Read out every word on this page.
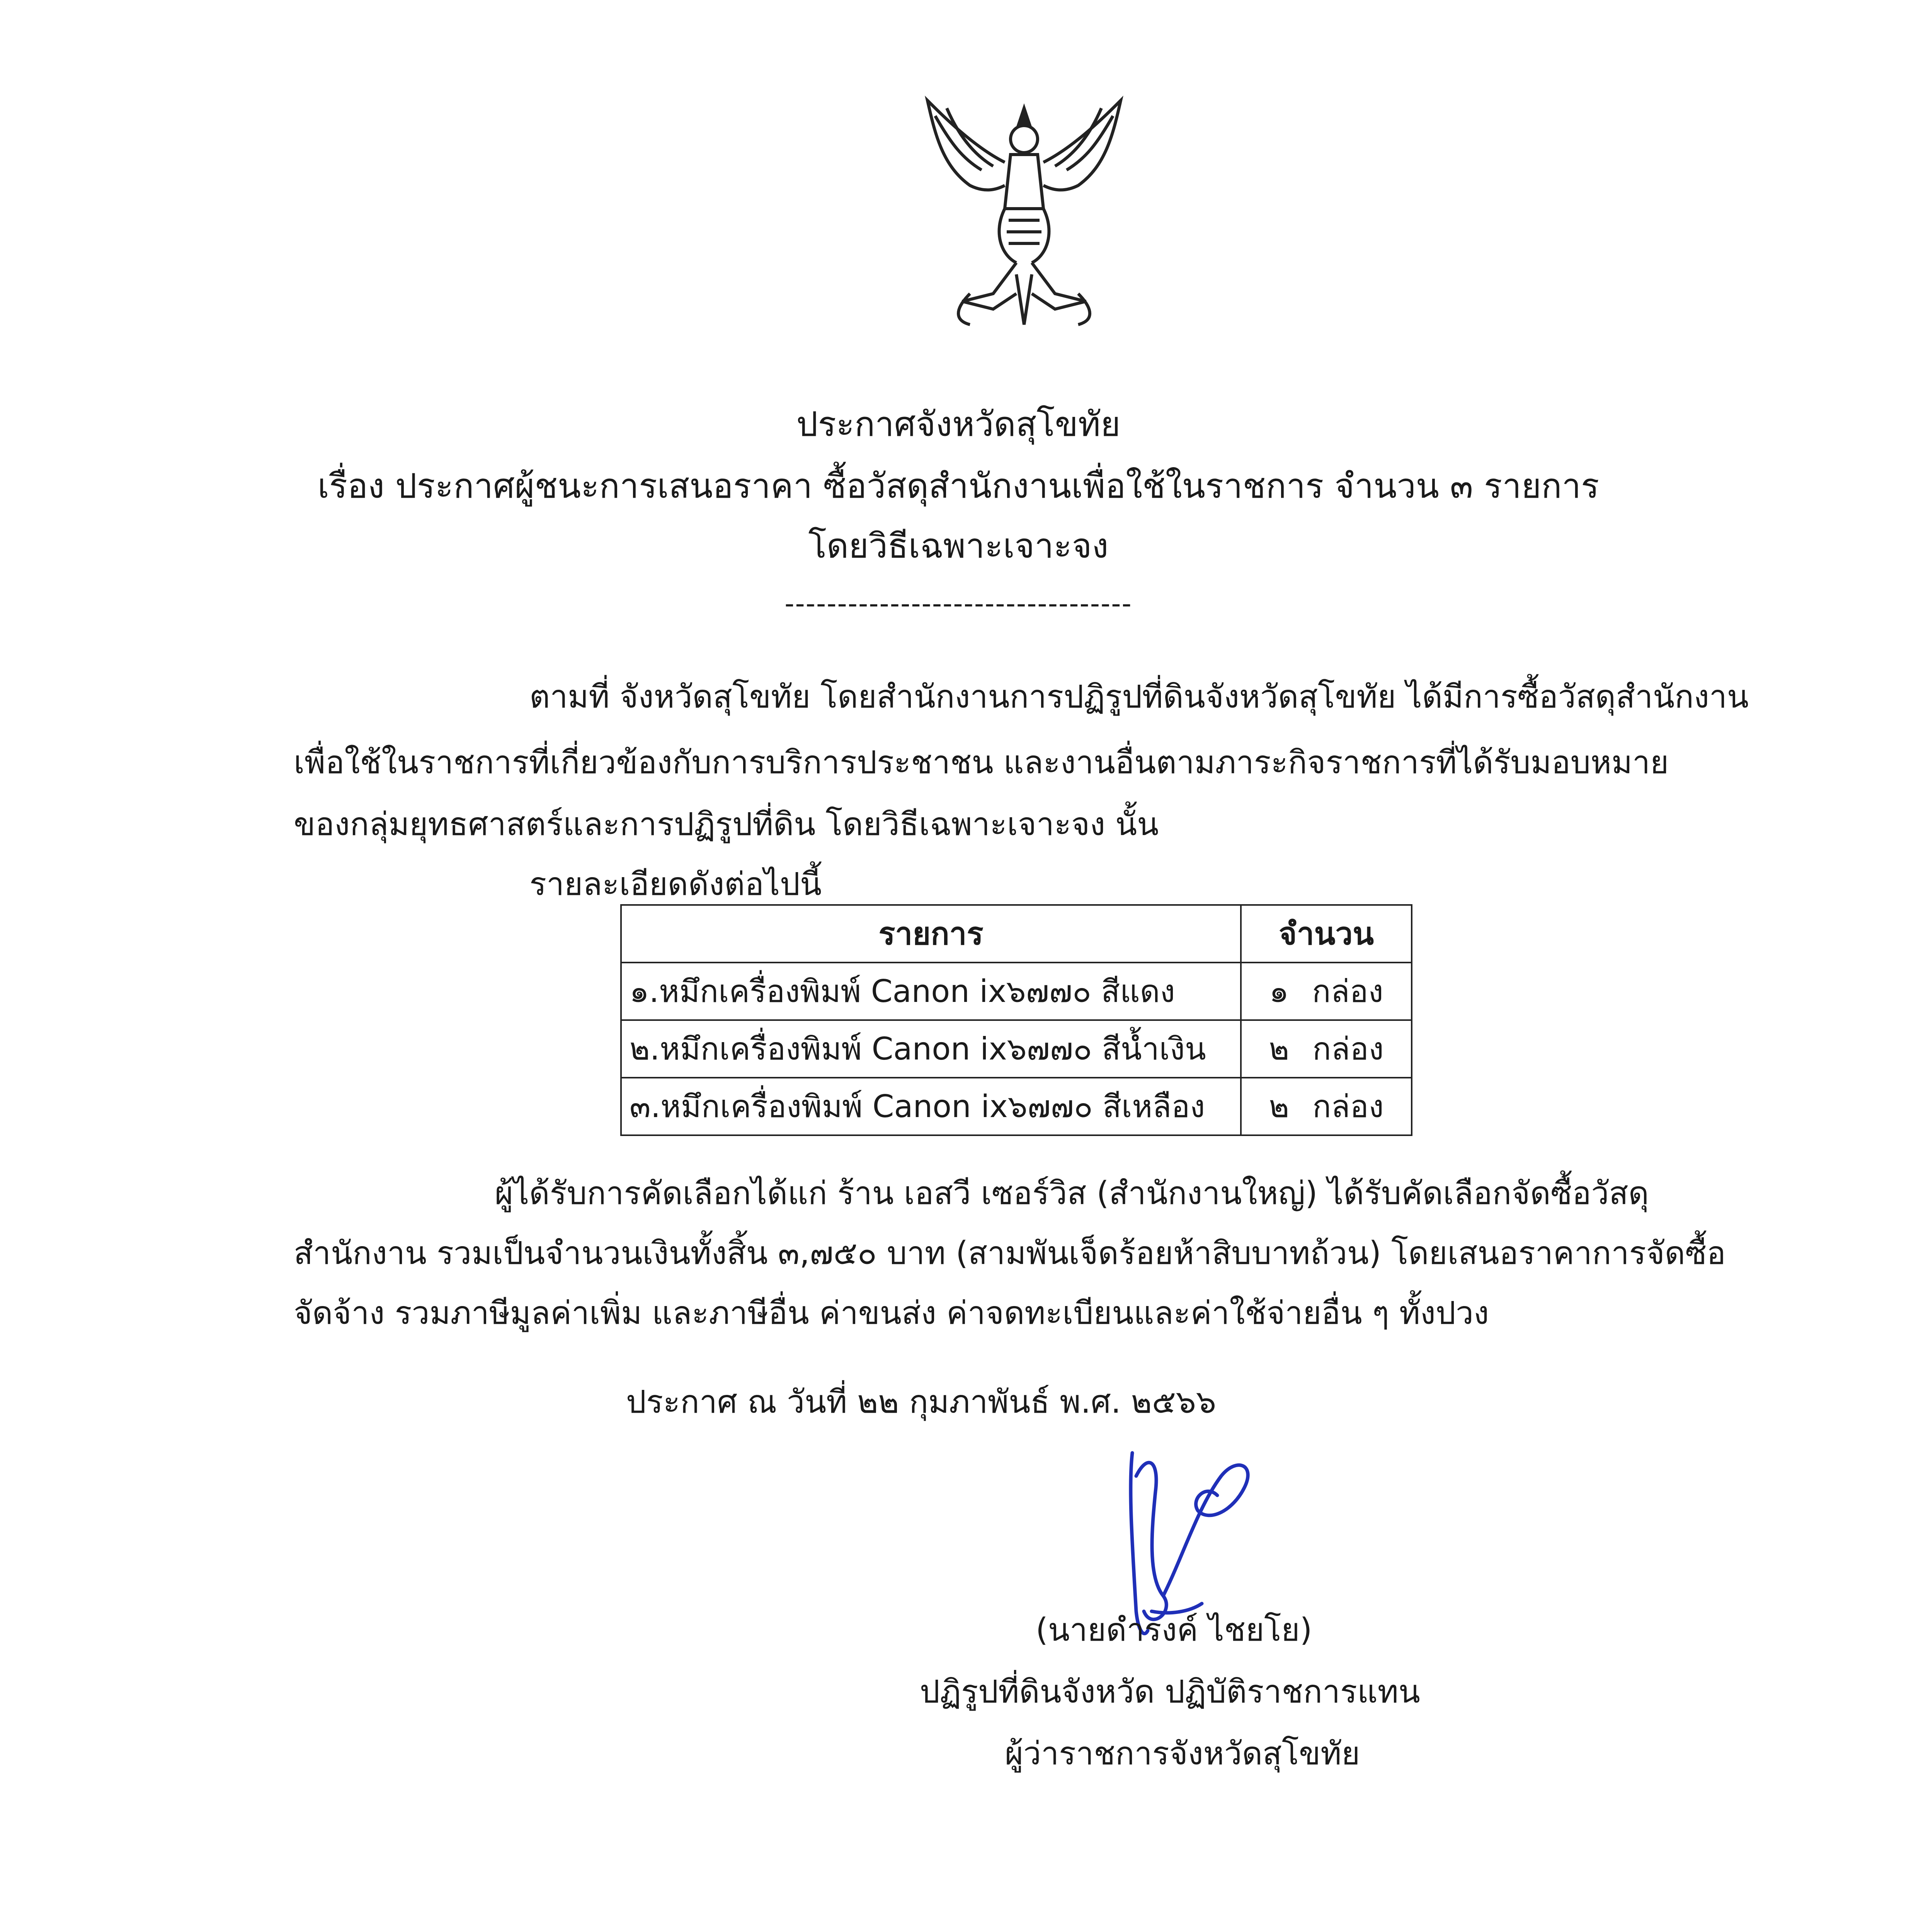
ประกาศจังหวัดสุโขทัย
เรื่อง ประกาศผู้ชนะการเสนอราคา ซื้อวัสดุสำนักงานเพื่อใช้ในราชการ จำนวน ๓ รายการ
โดยวิธีเฉพาะเจาะจง
---------------------------------
ตามที่ จังหวัดสุโขทัย โดยสำนักงานการปฏิรูปที่ดินจังหวัดสุโขทัย ได้มีการซื้อวัสดุสำนักงาน
เพื่อใช้ในราชการที่เกี่ยวข้องกับการบริการประชาชน และงานอื่นตามภาระกิจราชการที่ได้รับมอบหมาย
ของกลุ่มยุทธศาสตร์และการปฏิรูปที่ดิน โดยวิธีเฉพาะเจาะจง นั้น
รายละเอียดดังต่อไปนี้
รายการ	จำนวน
๑.หมึกเครื่องพิมพ์ Canon ix๖๗๗๐ สีแดง	๑ กล่อง
๒.หมึกเครื่องพิมพ์ Canon ix๖๗๗๐ สีน้ำเงิน	๒ กล่อง
๓.หมึกเครื่องพิมพ์ Canon ix๖๗๗๐ สีเหลือง	๒ กล่อง
ผู้ได้รับการคัดเลือกได้แก่ ร้าน เอสวี เซอร์วิส (สำนักงานใหญ่) ได้รับคัดเลือกจัดซื้อวัสดุ
สำนักงาน รวมเป็นจำนวนเงินทั้งสิ้น ๓,๗๕๐ บาท (สามพันเจ็ดร้อยห้าสิบบาทถ้วน) โดยเสนอราคาการจัดซื้อ
จัดจ้าง รวมภาษีมูลค่าเพิ่ม และภาษีอื่น ค่าขนส่ง ค่าจดทะเบียนและค่าใช้จ่ายอื่น ๆ ทั้งปวง
ประกาศ ณ วันที่ ๒๒ กุมภาพันธ์ พ.ศ. ๒๕๖๖
(นายดำรงค์ ไชยโย)
ปฏิรูปที่ดินจังหวัด ปฏิบัติราชการแทน
ผู้ว่าราชการจังหวัดสุโขทัย
